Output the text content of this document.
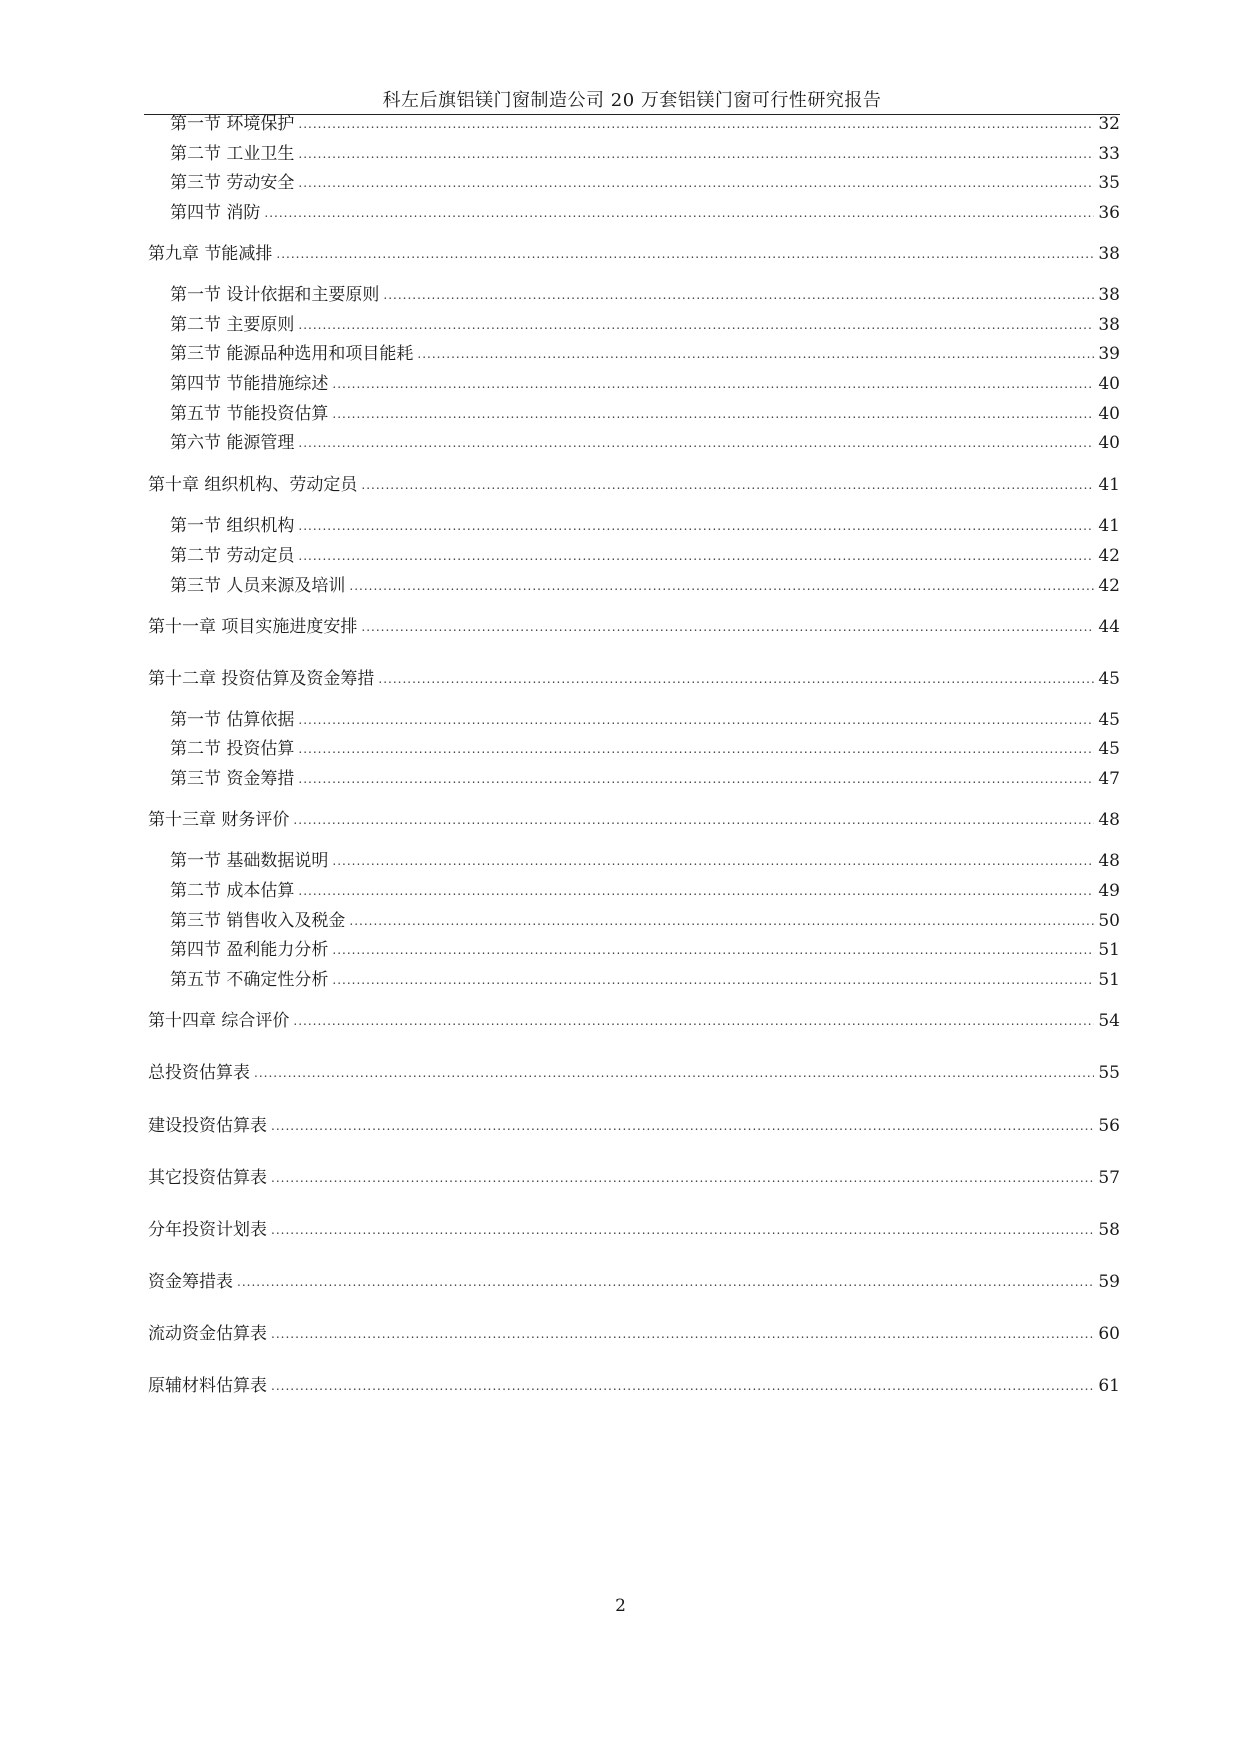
科左后旗铝镁门窗制造公司 20 万套铝镁门窗可行性研究报告
第一节 环境保护 .....	32
第二节 工业卫生 .....	33
第三节 劳动安全 .....	35
第四节 消防 .....	36
第九章 节能减排 .....	38
第一节 设计依据和主要原则 .....	38
第二节 主要原则 .....	38
第三节 能源品种选用和项目能耗 .....	39
第四节 节能措施综述 .....	40
第五节 节能投资估算 .....	40
第六节 能源管理 .....	40
第十章 组织机构、劳动定员 .....	41
第一节 组织机构 .....	41
第二节 劳动定员 .....	42
第三节 人员来源及培训 .....	42
第十一章 项目实施进度安排 .....	44
第十二章 投资估算及资金筹措 .....	45
第一节 估算依据 .....	45
第二节 投资估算 .....	45
第三节 资金筹措 .....	47
第十三章 财务评价 .....	48
第一节 基础数据说明 .....	48
第二节 成本估算 .....	49
第三节 销售收入及税金 .....	50
第四节 盈利能力分析 .....	51
第五节 不确定性分析 .....	51
第十四章 综合评价 .....	54
总投资估算表 .....	55
建设投资估算表 .....	56
其它投资估算表 .....	57
分年投资计划表 .....	58
资金筹措表 .....	59
流动资金估算表 .....	60
原辅材料估算表 .....	61
2
